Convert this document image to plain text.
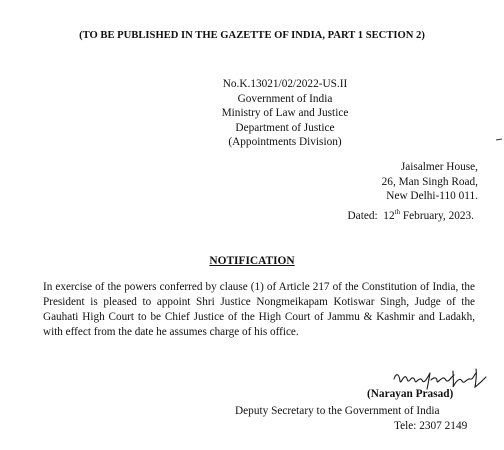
(TO BE PUBLISHED IN THE GAZETTE OF INDIA, PART 1 SECTION 2)
No.K.13021/02/2022-US.II
Government of India
Ministry of Law and Justice
Department of Justice
(Appointments Division)
Jaisalmer House,
26, Man Singh Road,
New Delhi-110 011.
Dated: 12th February, 2023.
NOTIFICATION
In exercise of the powers conferred by clause (1) of Article 217 of the Constitution of India, the President is pleased to appoint Shri Justice Nongmeikapam Kotiswar Singh, Judge of the Gauhati High Court to be Chief Justice of the High Court of Jammu & Kashmir and Ladakh, with effect from the date he assumes charge of his office.
(Narayan Prasad)
Deputy Secretary to the Government of India
Tele: 2307 2149
